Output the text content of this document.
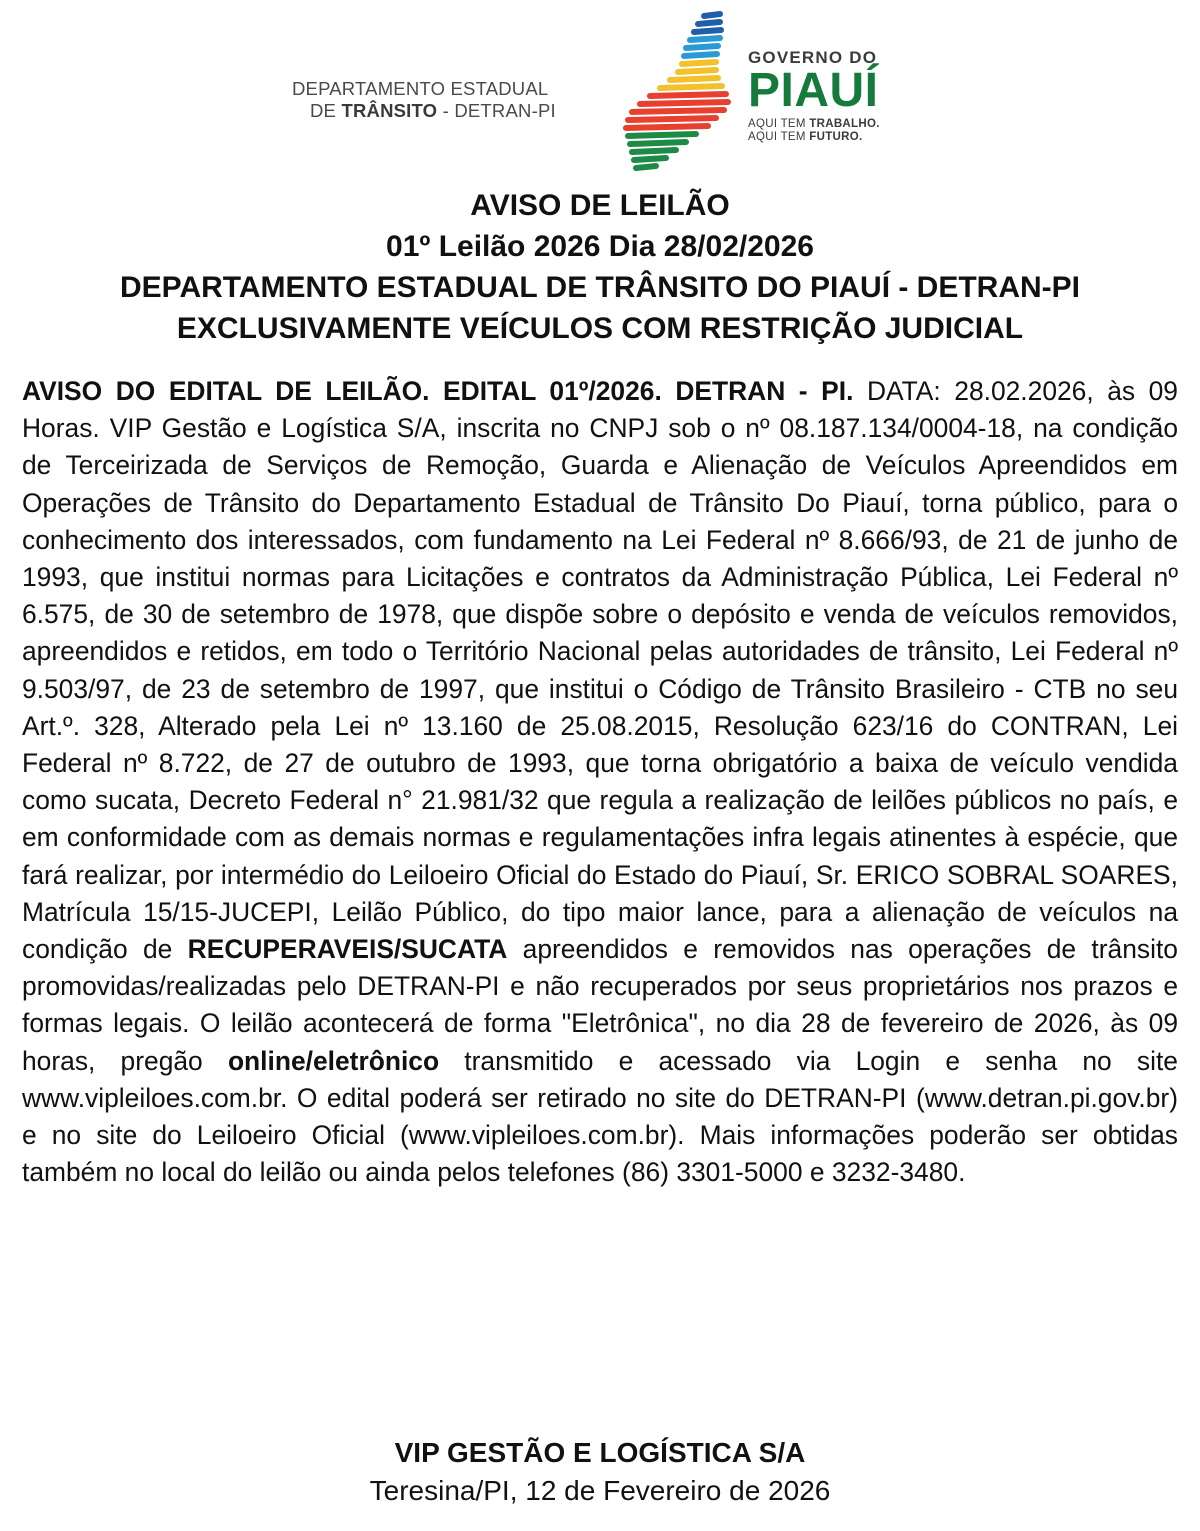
DEPARTAMENTO ESTADUAL
DE TRÂNSITO - DETRAN-PI
GOVERNO DO
PIAUÍ
AQUI TEM TRABALHO.
AQUI TEM FUTURO.
AVISO DE LEILÃO
01º Leilão 2026 Dia 28/02/2026
DEPARTAMENTO ESTADUAL DE TRÂNSITO DO PIAUÍ - DETRAN-PI
EXCLUSIVAMENTE VEÍCULOS COM RESTRIÇÃO JUDICIAL
AVISO DO EDITAL DE LEILÃO. EDITAL 01º/2026. DETRAN - PI. DATA: 28.02.2026, às 09 Horas. VIP Gestão e Logística S/A, inscrita no CNPJ sob o nº 08.187.134/0004-18, na condição de Terceirizada de Serviços de Remoção, Guarda e Alienação de Veículos Apreendidos em Operações de Trânsito do Departamento Estadual de Trânsito Do Piauí, torna público, para o conhecimento dos interessados, com fundamento na Lei Federal nº 8.666/93, de 21 de junho de 1993, que institui normas para Licitações e contratos da Administração Pública, Lei Federal nº 6.575, de 30 de setembro de 1978, que dispõe sobre o depósito e venda de veículos removidos, apreendidos e retidos, em todo o Território Nacional pelas autoridades de trânsito, Lei Federal nº 9.503/97, de 23 de setembro de 1997, que institui o Código de Trânsito Brasileiro - CTB no seu Art.º. 328, Alterado pela Lei nº 13.160 de 25.08.2015, Resolução 623/16 do CONTRAN, Lei Federal nº 8.722, de 27 de outubro de 1993, que torna obrigatório a baixa de veículo vendida como sucata, Decreto Federal n° 21.981/32 que regula a realização de leilões públicos no país, e em conformidade com as demais normas e regulamentações infra legais atinentes à espécie, que fará realizar, por intermédio do Leiloeiro Oficial do Estado do Piauí, Sr. ERICO SOBRAL SOARES, Matrícula 15/15-JUCEPI, Leilão Público, do tipo maior lance, para a alienação de veículos na condição de RECUPERAVEIS/SUCATA apreendidos e removidos nas operações de trânsito promovidas/realizadas pelo DETRAN-PI e não recuperados por seus proprietários nos prazos e formas legais. O leilão acontecerá de forma "Eletrônica", no dia 28 de fevereiro de 2026, às 09 horas, pregão online/eletrônico transmitido e acessado via Login e senha no site www.vipleiloes.com.br. O edital poderá ser retirado no site do DETRAN-PI (www.detran.pi.gov.br) e no site do Leiloeiro Oficial (www.vipleiloes.com.br). Mais informações poderão ser obtidas também no local do leilão ou ainda pelos telefones (86) 3301-5000 e 3232-3480.
VIP GESTÃO E LOGÍSTICA S/A
Teresina/PI, 12 de Fevereiro de 2026
